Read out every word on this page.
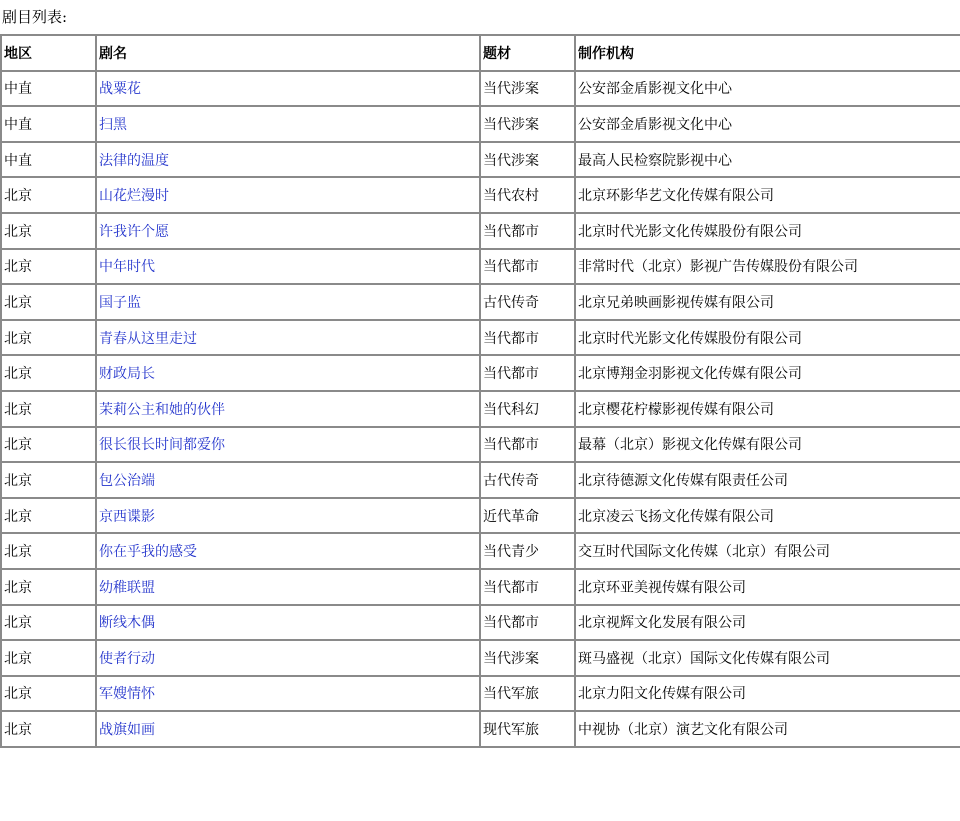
剧目列表:
地区	剧名	题材	制作机构
中直	战粟花	当代涉案	公安部金盾影视文化中心
中直	扫黑	当代涉案	公安部金盾影视文化中心
中直	法律的温度	当代涉案	最高人民检察院影视中心
北京	山花烂漫时	当代农村	北京环影华艺文化传媒有限公司
北京	许我许个愿	当代都市	北京时代光影文化传媒股份有限公司
北京	中年时代	当代都市	非常时代（北京）影视广告传媒股份有限公司
北京	国子监	古代传奇	北京兄弟映画影视传媒有限公司
北京	青春从这里走过	当代都市	北京时代光影文化传媒股份有限公司
北京	财政局长	当代都市	北京博翔金羽影视文化传媒有限公司
北京	茉莉公主和她的伙伴	当代科幻	北京樱花柠檬影视传媒有限公司
北京	很长很长时间都爱你	当代都市	最幕（北京）影视文化传媒有限公司
北京	包公治端	古代传奇	北京待德源文化传媒有限责任公司
北京	京西谍影	近代革命	北京凌云飞扬文化传媒有限公司
北京	你在乎我的感受	当代青少	交互时代国际文化传媒（北京）有限公司
北京	幼稚联盟	当代都市	北京环亚美视传媒有限公司
北京	断线木偶	当代都市	北京视辉文化发展有限公司
北京	使者行动	当代涉案	斑马盛视（北京）国际文化传媒有限公司
北京	军嫂情怀	当代军旅	北京力阳文化传媒有限公司
北京	战旗如画	现代军旅	中视协（北京）演艺文化有限公司
